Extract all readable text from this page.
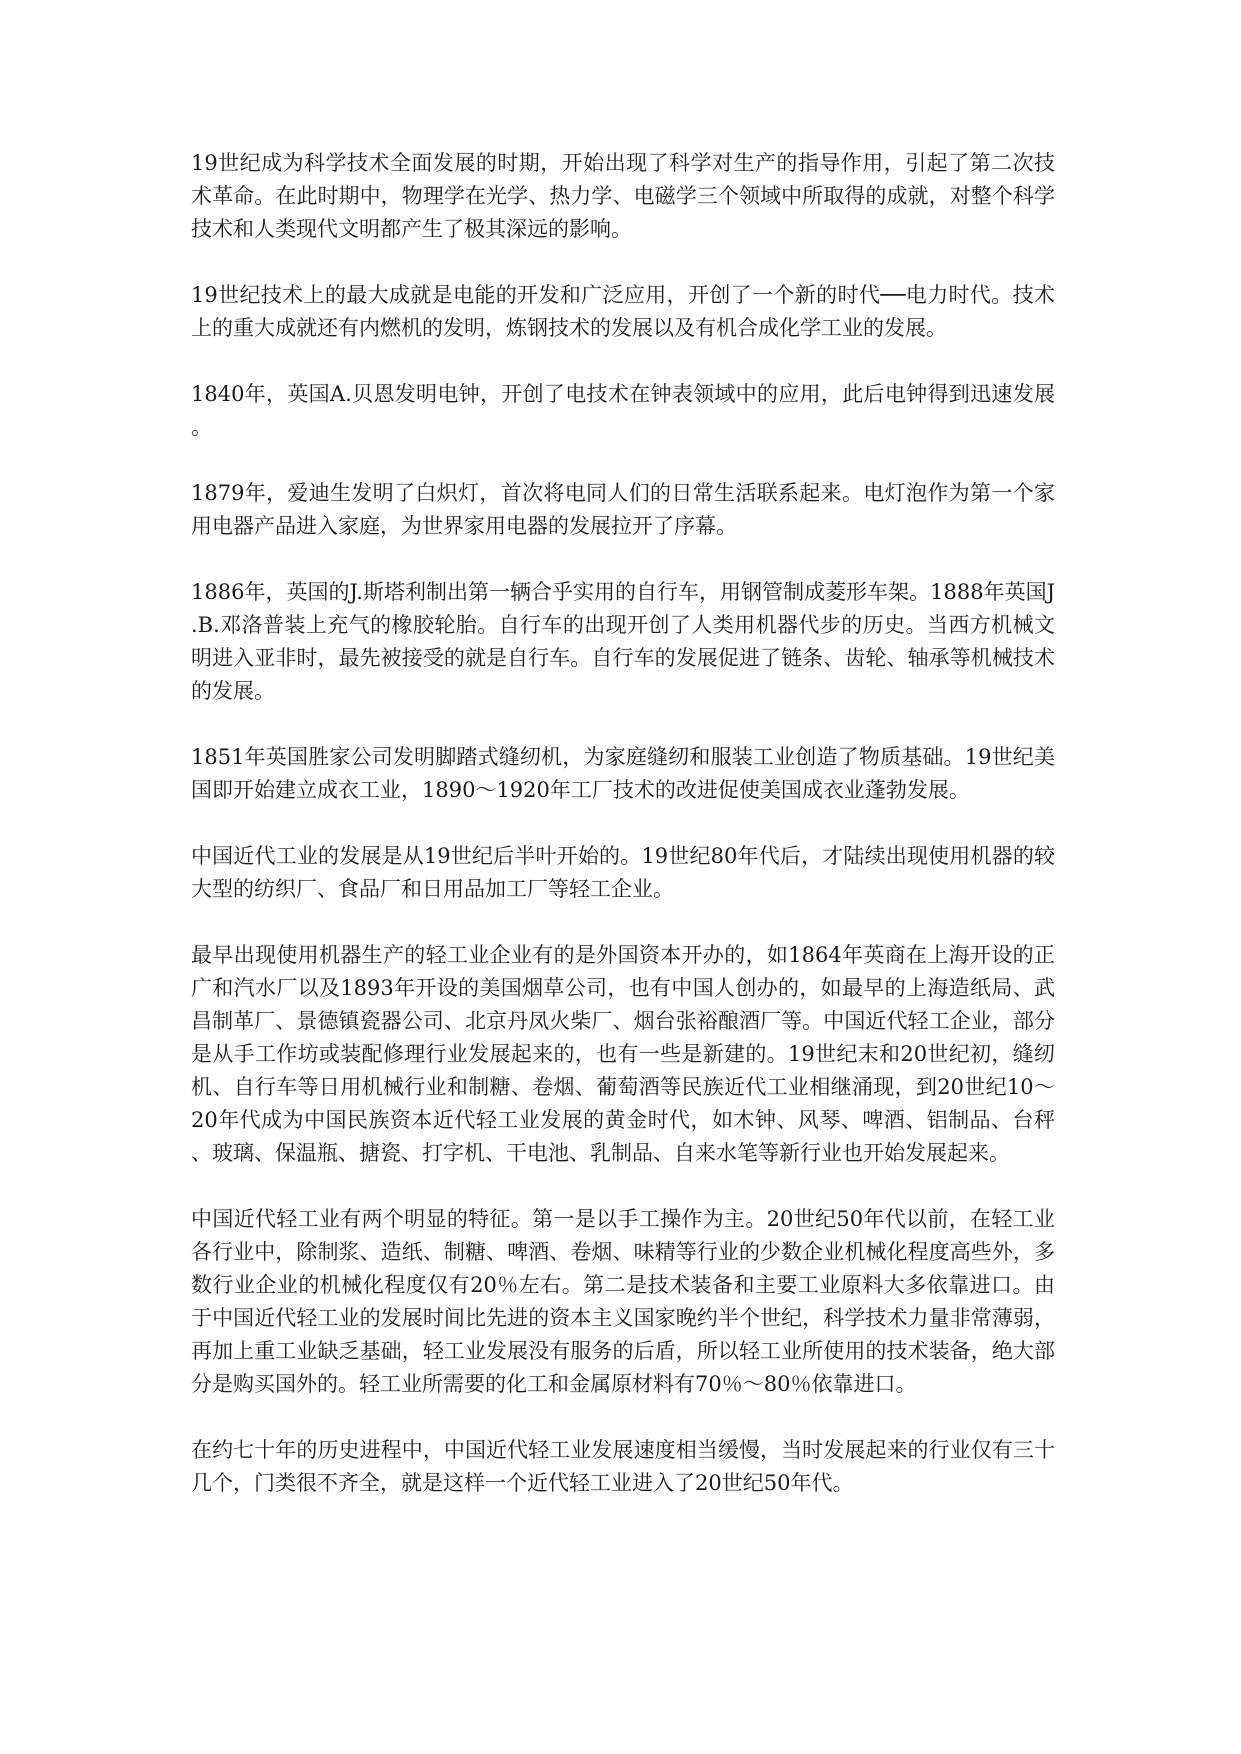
19世纪成为科学技术全面发展的时期，开始出现了科学对生产的指导作用，引起了第二次技术革命。在此时期中，物理学在光学、热力学、电磁学三个领域中所取得的成就，对整个科学技术和人类现代文明都产生了极其深远的影响。

19世纪技术上的最大成就是电能的开发和广泛应用，开创了一个新的时代──电力时代。技术上的重大成就还有内燃机的发明，炼钢技术的发展以及有机合成化学工业的发展。

1840年，英国A.贝恩发明电钟，开创了电技术在钟表领域中的应用，此后电钟得到迅速发展。

1879年，爱迪生发明了白炽灯，首次将电同人们的日常生活联系起来。电灯泡作为第一个家用电器产品进入家庭，为世界家用电器的发展拉开了序幕。

1886年，英国的J.斯塔利制出第一辆合乎实用的自行车，用钢管制成菱形车架。1888年英国J.B.邓洛普装上充气的橡胶轮胎。自行车的出现开创了人类用机器代步的历史。当西方机械文明进入亚非时，最先被接受的就是自行车。自行车的发展促进了链条、齿轮、轴承等机械技术的发展。

1851年英国胜家公司发明脚踏式缝纫机，为家庭缝纫和服装工业创造了物质基础。19世纪美国即开始建立成衣工业，1890～1920年工厂技术的改进促使美国成衣业蓬勃发展。

中国近代工业的发展是从19世纪后半叶开始的。19世纪80年代后，才陆续出现使用机器的较大型的纺织厂、食品厂和日用品加工厂等轻工企业。

最早出现使用机器生产的轻工业企业有的是外国资本开办的，如1864年英商在上海开设的正广和汽水厂以及1893年开设的美国烟草公司，也有中国人创办的，如最早的上海造纸局、武昌制革厂、景德镇瓷器公司、北京丹凤火柴厂、烟台张裕酿酒厂等。中国近代轻工企业，部分是从手工作坊或装配修理行业发展起来的，也有一些是新建的。19世纪末和20世纪初，缝纫机、自行车等日用机械行业和制糖、卷烟、葡萄酒等民族近代工业相继涌现，到20世纪10～20年代成为中国民族资本近代轻工业发展的黄金时代，如木钟、风琴、啤酒、铝制品、台秤、玻璃、保温瓶、搪瓷、打字机、干电池、乳制品、自来水笔等新行业也开始发展起来。

中国近代轻工业有两个明显的特征。第一是以手工操作为主。20世纪50年代以前，在轻工业各行业中，除制浆、造纸、制糖、啤酒、卷烟、味精等行业的少数企业机械化程度高些外，多数行业企业的机械化程度仅有20％左右。第二是技术装备和主要工业原料大多依靠进口。由于中国近代轻工业的发展时间比先进的资本主义国家晚约半个世纪，科学技术力量非常薄弱，再加上重工业缺乏基础，轻工业发展没有服务的后盾，所以轻工业所使用的技术装备，绝大部分是购买国外的。轻工业所需要的化工和金属原材料有70％～80％依靠进口。

在约七十年的历史进程中，中国近代轻工业发展速度相当缓慢，当时发展起来的行业仅有三十几个，门类很不齐全，就是这样一个近代轻工业进入了20世纪50年代。
